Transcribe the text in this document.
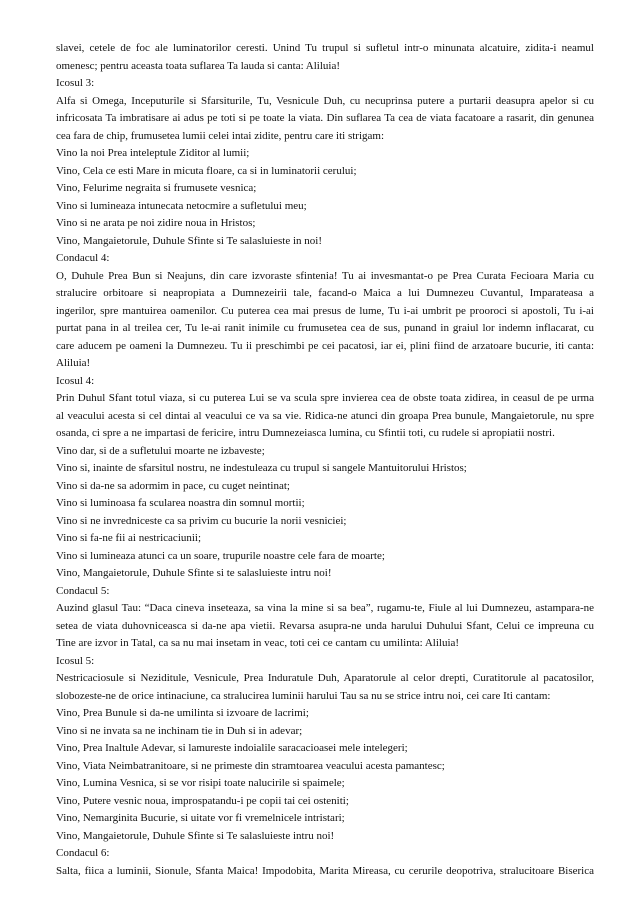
slavei, cetele de foc ale luminatorilor ceresti. Unind Tu trupul si sufletul intr-o minunata alcatuire, zidita-i neamul
omenesc; pentru aceasta toata suflarea Ta lauda si canta: Aliluia!
Icosul 3:
Alfa si Omega, Inceputurile si Sfarsiturile, Tu, Vesnicule Duh, cu necuprinsa putere a purtarii deasupra apelor si cu
infricosata Ta imbratisare ai adus pe toti si pe toate la viata. Din suflarea Ta cea de viata facatoare a rasarit, din genunea
cea fara de chip, frumusetea lumii celei intai zidite, pentru care iti strigam:
Vino la noi Prea inteleptule Ziditor al lumii;
Vino, Cela ce esti Mare in micuta floare, ca si in luminatorii cerului;
Vino, Felurime negraita si frumusete vesnica;
Vino si lumineaza intunecata netocmire a sufletului meu;
Vino si ne arata pe noi zidire noua in Hristos;
Vino, Mangaietorule, Duhule Sfinte si Te salasluieste in noi!
Condacul 4:
O, Duhule Prea Bun si Neajuns, din care izvoraste sfintenia! Tu ai invesmantat-o pe Prea Curata Fecioara Maria cu
stralucire orbitoare si neapropiata a Dumnezeirii tale, facand-o Maica a lui Dumnezeu Cuvantul, Imparateasa a
ingerilor, spre mantuirea oamenilor. Cu puterea cea mai presus de lume, Tu i-ai umbrit pe prooroci si apostoli, Tu i-ai
purtat pana in al treilea cer, Tu le-ai ranit inimile cu frumusetea cea de sus, punand in graiul lor indemn inflacarat, cu
care aducem pe oameni la Dumnezeu. Tu ii preschimbi pe cei pacatosi, iar ei, plini fiind de arzatoare bucurie, iti canta:
Aliluia!
Icosul 4:
Prin Duhul Sfant totul viaza, si cu puterea Lui se va scula spre invierea cea de obste toata zidirea, in ceasul de pe urma
al veacului acesta si cel dintai al veacului ce va sa vie. Ridica-ne atunci din groapa Prea bunule, Mangaietorule, nu spre
osanda, ci spre a ne impartasi de fericire, intru Dumnezeiasca lumina, cu Sfintii toti, cu rudele si apropiatii nostri.
Vino dar, si de a sufletului moarte ne izbaveste;
Vino si, inainte de sfarsitul nostru, ne indestuleaza cu trupul si sangele Mantuitorului Hristos;
Vino si da-ne sa adormim in pace, cu cuget neintinat;
Vino si luminoasa fa scularea noastra din somnul mortii;
Vino si ne invredniceste ca sa privim cu bucurie la norii vesniciei;
Vino si fa-ne fii ai nestricaciunii;
Vino si lumineaza atunci ca un soare, trupurile noastre cele fara de moarte;
Vino, Mangaietorule, Duhule Sfinte si te salasluieste intru noi!
Condacul 5:
Auzind glasul Tau: “Daca cineva inseteaza, sa vina la mine si sa bea”, rugamu-te, Fiule al lui Dumnezeu, astampara-ne
setea de viata duhovniceasca si da-ne apa vietii. Revarsa asupra-ne unda harului Duhului Sfant, Celui ce impreuna cu
Tine are izvor in Tatal, ca sa nu mai insetam in veac, toti cei ce cantam cu umilinta: Aliluia!
Icosul 5:
Nestricaciosule si Neziditule, Vesnicule, Prea Induratule Duh, Aparatorule al celor drepti, Curatitorule al pacatosilor,
slobozeste-ne de orice intinaciune, ca stralucirea luminii harului Tau sa nu se strice intru noi, cei care Iti cantam:
Vino, Prea Bunule si da-ne umilinta si izvoare de lacrimi;
Vino si ne invata sa ne inchinam tie in Duh si in adevar;
Vino, Prea Inaltule Adevar, si lamureste indoialile saracacioasei mele intelegeri;
Vino, Viata Neimbatranitoare, si ne primeste din stramtoarea veacului acesta pamantesc;
Vino, Lumina Vesnica, si se vor risipi toate nalucirile si spaimele;
Vino, Putere vesnic noua, improspatandu-i pe copii tai cei osteniti;
Vino, Nemarginita Bucurie, si uitate vor fi vremelnicele intristari;
Vino, Mangaietorule, Duhule Sfinte si Te salasluieste intru noi!
Condacul 6:
Salta, fiica a luminii, Sionule, Sfanta Maica! Impodobita, Marita Mireasa, cu cerurile deopotriva, stralucitoare Biserica
